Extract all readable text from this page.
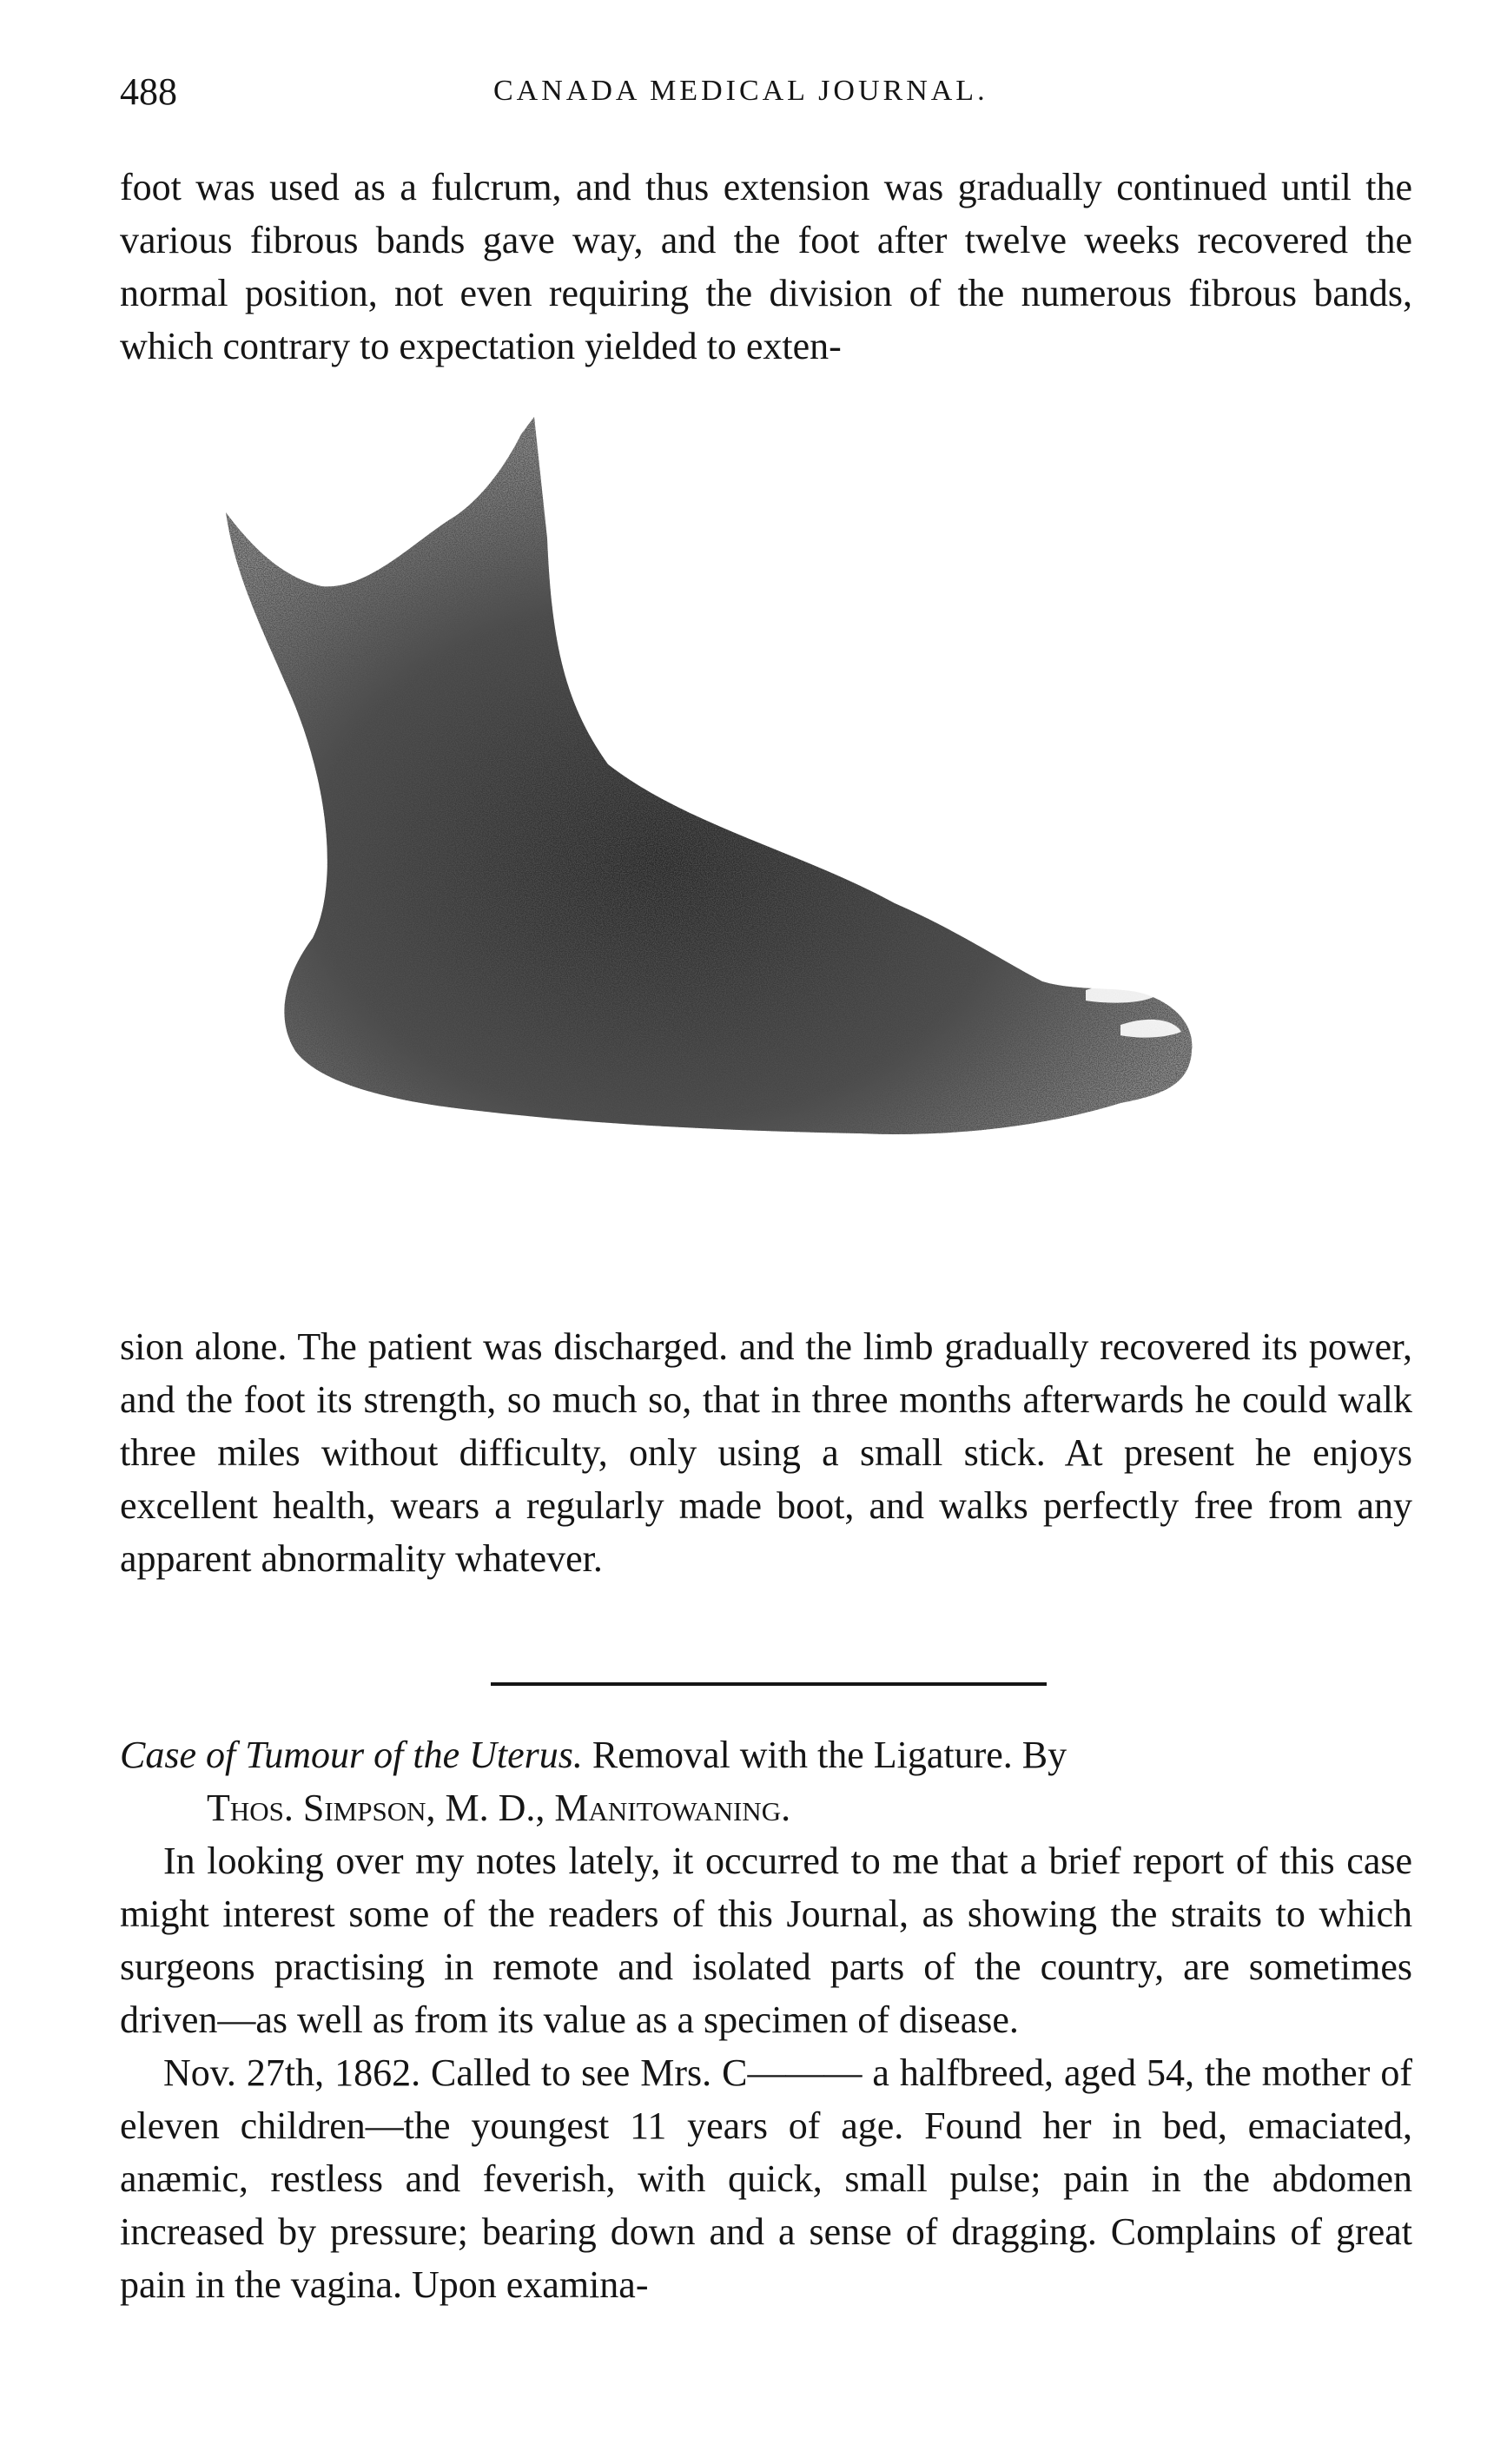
488	CANADA MEDICAL JOURNAL.

foot was used as a fulcrum, and thus extension was gradually continued until the various fibrous bands gave way, and the foot after twelve weeks recovered the normal position, not even requiring the division of the numerous fibrous bands, which contrary to expectation yielded to exten-

sion alone. The patient was discharged. and the limb gradually recovered its power, and the foot its strength, so much so, that in three months afterwards he could walk three miles without difficulty, only using a small stick. At present he enjoys excellent health, wears a regularly made boot, and walks perfectly free from any apparent abnormality whatever.

Case of Tumour of the Uterus. Removal with the Ligature. By

Thos. Simpson, M. D., Manitowaning.

In looking over my notes lately, it occurred to me that a brief report of this case might interest some of the readers of this Journal, as showing the straits to which surgeons practising in remote and isolated parts of the country, are sometimes driven—as well as from its value as a specimen of disease.

Nov. 27th, 1862. Called to see Mrs. C——— a halfbreed, aged 54, the mother of eleven children—the youngest 11 years of age. Found her in bed, emaciated, anæmic, restless and feverish, with quick, small pulse; pain in the abdomen increased by pressure; bearing down and a sense of dragging. Complains of great pain in the vagina. Upon examina-
